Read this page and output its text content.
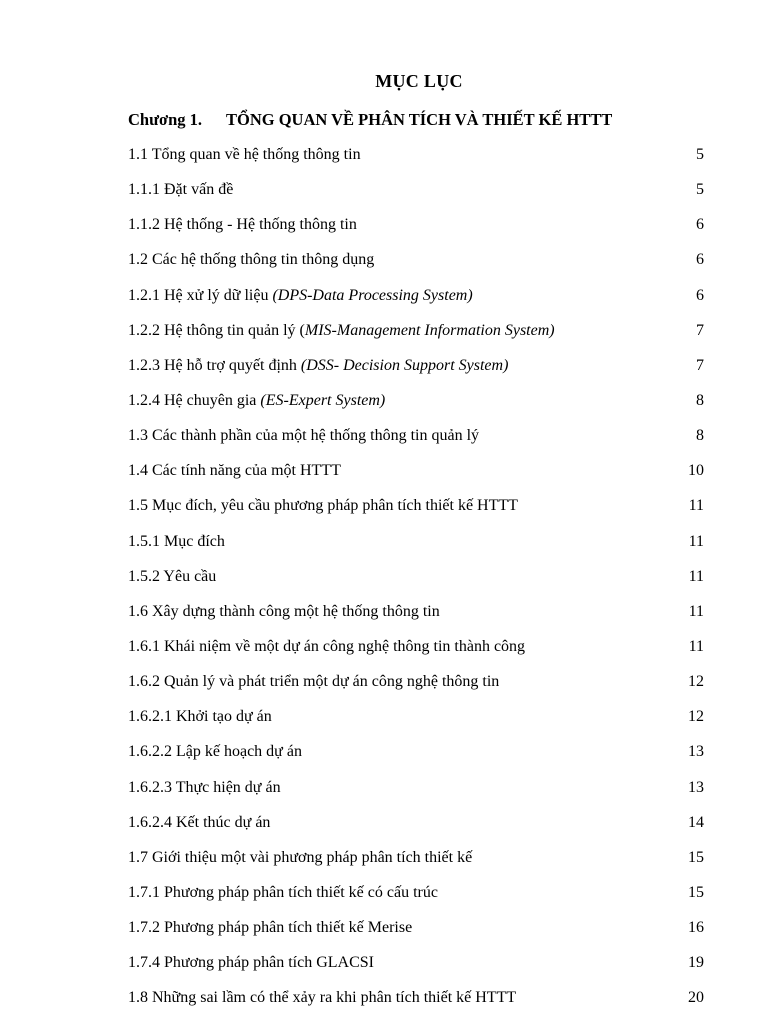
MỤC LỤC
Chương 1. TỔNG QUAN VỀ PHÂN TÍCH VÀ THIẾT KẾ HTTT
1.1 Tổng quan về hệ thống thông tin	5
1.1.1 Đặt vấn đề	5
1.1.2 Hệ thống - Hệ thống thông tin	6
1.2 Các hệ thống thông tin thông dụng	6
1.2.1 Hệ xử lý dữ liệu (DPS-Data Processing System)	6
1.2.2 Hệ thông tin quản lý (MIS-Management Information System)	7
1.2.3 Hệ hỗ trợ quyết định (DSS- Decision Support System)	7
1.2.4 Hệ chuyên gia (ES-Expert System)	8
1.3 Các thành phần của một hệ thống thông tin quản lý	8
1.4 Các tính năng của một HTTT	10
1.5 Mục đích, yêu cầu phương pháp phân tích thiết kế HTTT	11
1.5.1 Mục đích	11
1.5.2 Yêu cầu	11
1.6 Xây dựng thành công một hệ thống thông tin	11
1.6.1 Khái niệm về một dự án công nghệ thông tin thành công	11
1.6.2 Quản lý và phát triển một dự án công nghệ thông tin	12
1.6.2.1 Khởi tạo dự án	12
1.6.2.2 Lập kế hoạch dự án	13
1.6.2.3 Thực hiện dự án	13
1.6.2.4 Kết thúc dự án	14
1.7 Giới thiệu một vài phương pháp phân tích thiết kế	15
1.7.1 Phương pháp phân tích thiết kế có cấu trúc	15
1.7.2 Phương pháp phân tích thiết kế Merise	16
1.7.4 Phương pháp phân tích GLACSI	19
1.8 Những sai lầm có thể xảy ra khi phân tích thiết kế HTTT	20
